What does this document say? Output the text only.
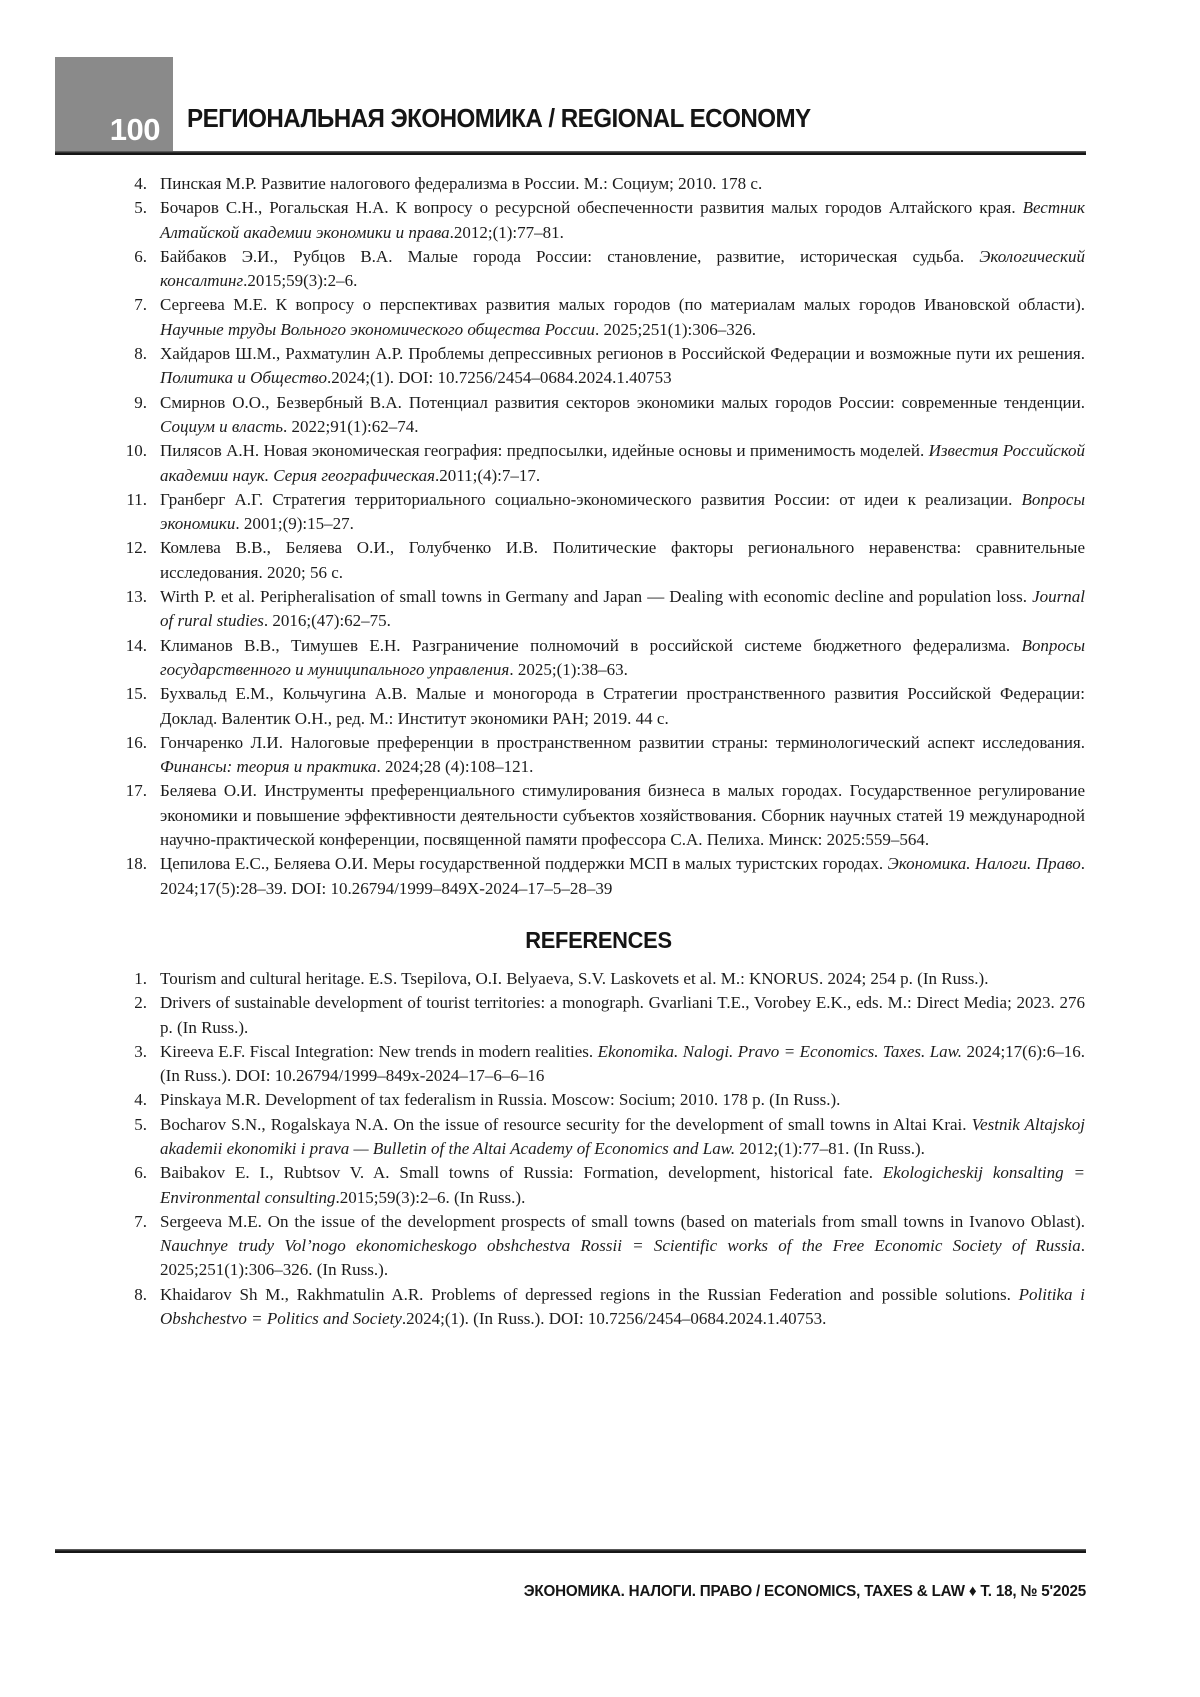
100 РЕГИОНАЛЬНАЯ ЭКОНОМИКА / REGIONAL ECONOMY
4. Пинская М.Р. Развитие налогового федерализма в России. М.: Социум; 2010. 178 с.
5. Бочаров С.Н., Рогальская Н.А. К вопросу о ресурсной обеспеченности развития малых городов Алтайского края. Вестник Алтайской академии экономики и права.2012;(1):77–81.
6. Байбаков Э.И., Рубцов В.А. Малые города России: становление, развитие, историческая судьба. Экологический консалтинг.2015;59(3):2–6.
7. Сергеева М.Е. К вопросу о перспективах развития малых городов (по материалам малых городов Ивановской области). Научные труды Вольного экономического общества России. 2025;251(1):306–326.
8. Хайдаров Ш.М., Рахматулин А.Р. Проблемы депрессивных регионов в Российской Федерации и возможные пути их решения. Политика и Общество.2024;(1). DOI: 10.7256/2454–0684.2024.1.40753
9. Смирнов О.О., Безвербный В.А. Потенциал развития секторов экономики малых городов России: современные тенденции. Социум и власть. 2022;91(1):62–74.
10. Пилясов А.Н. Новая экономическая география: предпосылки, идейные основы и применимость моделей. Известия Российской академии наук. Серия географическая.2011;(4):7–17.
11. Гранберг А.Г. Стратегия территориального социально-экономического развития России: от идеи к реализации. Вопросы экономики. 2001;(9):15–27.
12. Комлева В.В., Беляева О.И., Голубченко И.В. Политические факторы регионального неравенства: сравнительные исследования. 2020; 56 с.
13. Wirth P. et al. Peripheralisation of small towns in Germany and Japan — Dealing with economic decline and population loss. Journal of rural studies. 2016;(47):62–75.
14. Климанов В.В., Тимушев Е.Н. Разграничение полномочий в российской системе бюджетного федерализма. Вопросы государственного и муниципального управления. 2025;(1):38–63.
15. Бухвальд Е.М., Кольчугина А.В. Малые и моногорода в Стратегии пространственного развития Российской Федерации: Доклад. Валентик О.Н., ред. М.: Институт экономики РАН; 2019. 44 с.
16. Гончаренко Л.И. Налоговые преференции в пространственном развитии страны: терминологический аспект исследования. Финансы: теория и практика. 2024;28 (4):108–121.
17. Беляева О.И. Инструменты преференциального стимулирования бизнеса в малых городах. Государственное регулирование экономики и повышение эффективности деятельности субъектов хозяйствования. Сборник научных статей 19 международной научно-практической конференции, посвященной памяти профессора С.А. Пелиха. Минск: 2025:559–564.
18. Цепилова Е.С., Беляева О.И. Меры государственной поддержки МСП в малых туристских городах. Экономика. Налоги. Право. 2024;17(5):28–39. DOI: 10.26794/1999–849X-2024–17–5–28–39
REFERENCES
1. Tourism and cultural heritage. E.S. Tsepilova, O.I. Belyaeva, S.V. Laskovets et al. M.: KNORUS. 2024; 254 p. (In Russ.).
2. Drivers of sustainable development of tourist territories: a monograph. Gvarliani T.E., Vorobey E.K., eds. M.: Direct Media; 2023. 276 p. (In Russ.).
3. Kireeva E.F. Fiscal Integration: New trends in modern realities. Ekonomika. Nalogi. Pravo = Economics. Taxes. Law. 2024;17(6):6–16. (In Russ.). DOI: 10.26794/1999–849x-2024–17–6–6–16
4. Pinskaya M.R. Development of tax federalism in Russia. Moscow: Socium; 2010. 178 p. (In Russ.).
5. Bocharov S.N., Rogalskaya N.A. On the issue of resource security for the development of small towns in Altai Krai. Vestnik Altajskoj akademii ekonomiki i prava — Bulletin of the Altai Academy of Economics and Law. 2012;(1):77–81. (In Russ.).
6. Baibakov E. I., Rubtsov V. A. Small towns of Russia: Formation, development, historical fate. Ekologicheskij konsalting = Environmental consulting.2015;59(3):2–6. (In Russ.).
7. Sergeeva M.E. On the issue of the development prospects of small towns (based on materials from small towns in Ivanovo Oblast). Nauchnye trudy Vol’nogo ekonomicheskogo obshchestva Rossii = Scientific works of the Free Economic Society of Russia. 2025;251(1):306–326. (In Russ.).
8. Khaidarov Sh M., Rakhmatulin A.R. Problems of depressed regions in the Russian Federation and possible solutions. Politika i Obshchestvo = Politics and Society.2024;(1). (In Russ.). DOI: 10.7256/2454–0684.2024.1.40753.
ЭКОНОМИКА. НАЛОГИ. ПРАВО / ECONOMICS, TAXES & LAW ♦ Т. 18, № 5'2025
